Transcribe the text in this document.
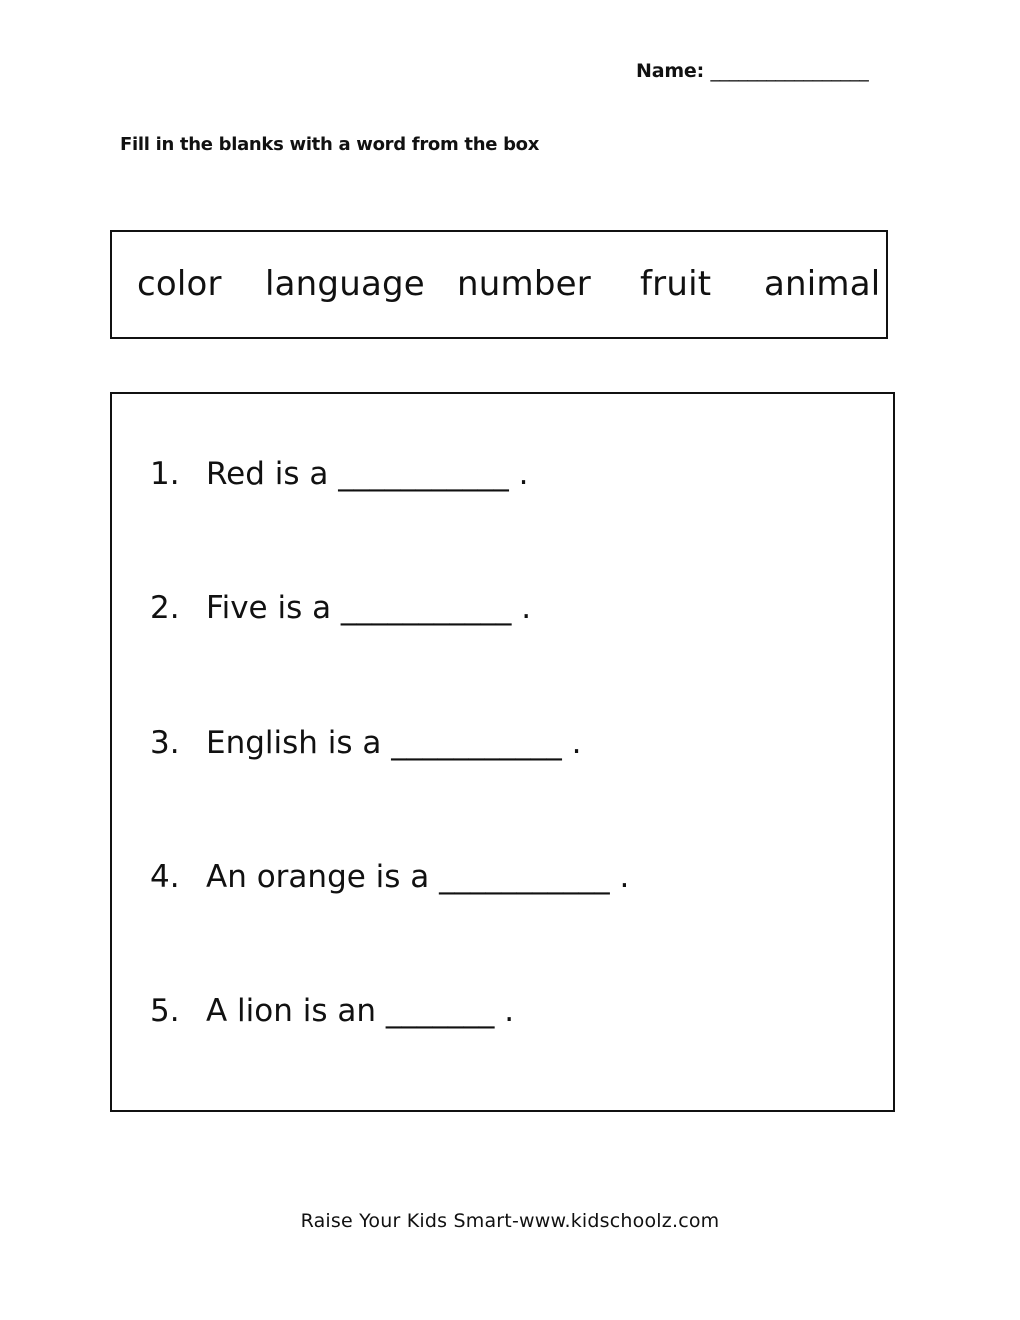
Name: _________________
Fill in the blanks with a word from the box
color language number fruit animal
1. Red is a ___________ .
2. Five is a ___________ .
3. English is a ___________ .
4. An orange is a ___________ .
5. A lion is an _______ .
Raise Your Kids Smart-www.kidschoolz.com
